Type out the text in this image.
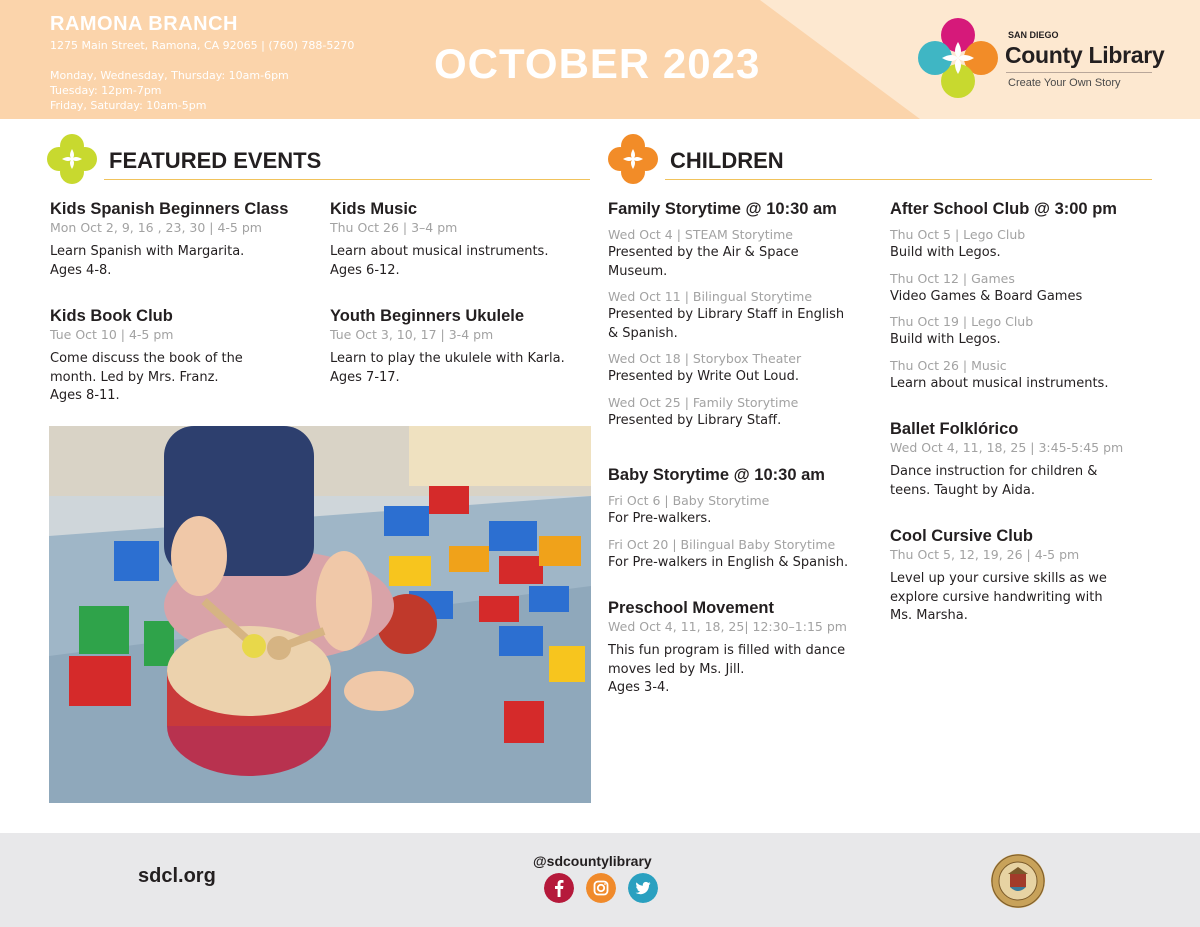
RAMONA BRANCH
1275 Main Street, Ramona, CA 92065 | (760) 788-5270
Monday, Wednesday, Thursday: 10am-6pm
Tuesday: 12pm-7pm
Friday, Saturday: 10am-5pm
OCTOBER 2023
SAN DIEGO
County Library
Create Your Own Story
FEATURED EVENTS
Kids Spanish Beginners Class
Mon Oct 2, 9, 16 , 23, 30 | 4-5 pm
Learn Spanish with Margarita.
Ages 4-8.
Kids Music
Thu Oct 26 | 3–4 pm
Learn about musical instruments.
Ages 6-12.
Kids Book Club
Tue Oct 10 | 4-5 pm
Come discuss the book of the
month. Led by Mrs. Franz.
Ages 8-11.
Youth Beginners Ukulele
Tue Oct 3, 10, 17 | 3-4 pm
Learn to play the ukulele with Karla.
Ages 7-17.
CHILDREN
Family Storytime @ 10:30 am
Wed Oct 4 | STEAM Storytime
Presented by the Air & Space
Museum.
Wed Oct 11 | Bilingual Storytime
Presented by Library Staff in English
& Spanish.
Wed Oct 18 | Storybox Theater
Presented by Write Out Loud.
Wed Oct 25 | Family Storytime
Presented by Library Staff.
Baby Storytime @ 10:30 am
Fri Oct 6 | Baby Storytime
For Pre-walkers.
Fri Oct 20 | Bilingual Baby Storytime
For Pre-walkers in English & Spanish.
Preschool Movement
Wed Oct 4, 11, 18, 25| 12:30–1:15 pm
This fun program is filled with dance
moves led by Ms. Jill.
Ages 3-4.
After School Club @ 3:00 pm
Thu Oct 5 | Lego Club
Build with Legos.
Thu Oct 12 | Games
Video Games & Board Games
Thu Oct 19 | Lego Club
Build with Legos.
Thu Oct 26 | Music
Learn about musical instruments.
Ballet Folklórico
Wed Oct 4, 11, 18, 25 | 3:45-5:45 pm
Dance instruction for children &
teens. Taught by Aida.
Cool Cursive Club
Thu Oct 5, 12, 19, 26 | 4-5 pm
Level up your cursive skills as we
explore cursive handwriting with
Ms. Marsha.
sdcl.org
@sdcountylibrary
